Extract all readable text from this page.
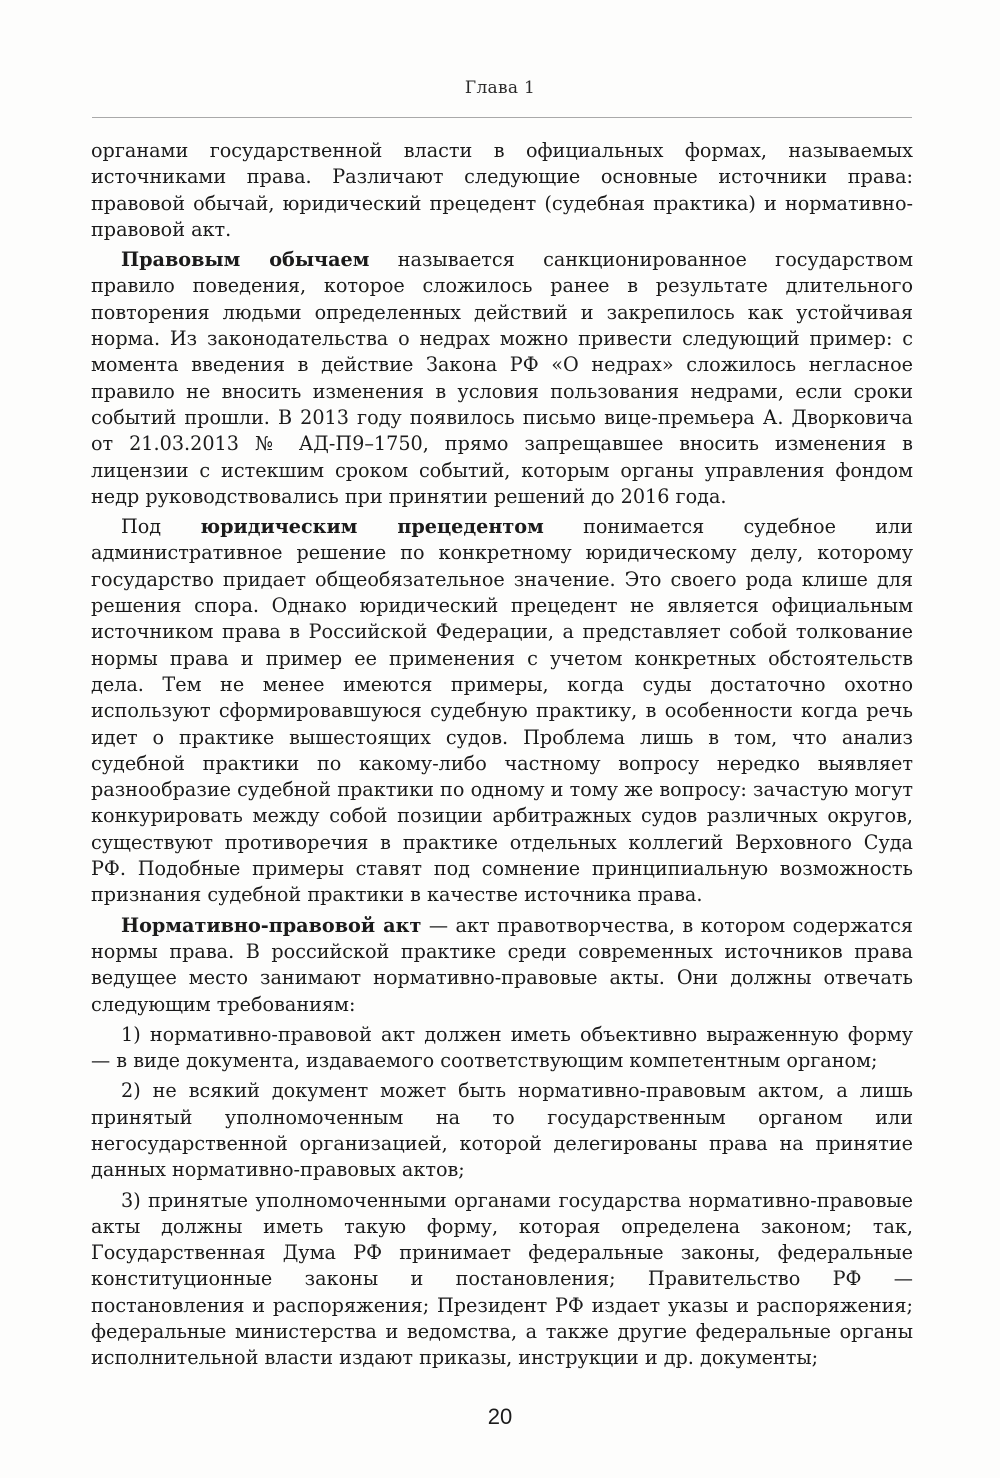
Глава 1

органами государственной власти в официальных формах, называемых источниками права. Различают следующие основные источники права: правовой обычай, юридический прецедент (судебная практика) и нормативно-правовой акт.

Правовым обычаем называется санкционированное государством правило поведения, которое сложилось ранее в результате длительного повторения людьми определенных действий и закрепилось как устойчивая норма. Из законодательства о недрах можно привести следующий пример: с момента введения в действие Закона РФ «О недрах» сложилось негласное правило не вносить изменения в условия пользования недрами, если сроки событий прошли. В 2013 году появилось письмо вице-премьера А. Дворковича от 21.03.2013 № АД-П9–1750, прямо запрещавшее вносить изменения в лицензии с истекшим сроком событий, которым органы управления фондом недр руководствовались при принятии решений до 2016 года.

Под юридическим прецедентом понимается судебное или административное решение по конкретному юридическому делу, которому государство придает общеобязательное значение. Это своего рода клише для решения спора. Однако юридический прецедент не является официальным источником права в Российской Федерации, а представляет собой толкование нормы права и пример ее применения с учетом конкретных обстоятельств дела. Тем не менее имеются примеры, когда суды достаточно охотно используют сформировавшуюся судебную практику, в особенности когда речь идет о практике вышестоящих судов. Проблема лишь в том, что анализ судебной практики по какому-либо частному вопросу нередко выявляет разнообразие судебной практики по одному и тому же вопросу: зачастую могут конкурировать между собой позиции арбитражных судов различных округов, существуют противоречия в практике отдельных коллегий Верховного Суда РФ. Подобные примеры ставят под сомнение принципиальную возможность признания судебной практики в качестве источника права.

Нормативно-правовой акт — акт правотворчества, в котором содержатся нормы права. В российской практике среди современных источников права ведущее место занимают нормативно-правовые акты. Они должны отвечать следующим требованиям:

1) нормативно-правовой акт должен иметь объективно выраженную форму — в виде документа, издаваемого соответствующим компетентным органом;

2) не всякий документ может быть нормативно-правовым актом, а лишь принятый уполномоченным на то государственным органом или негосударственной организацией, которой делегированы права на принятие данных нормативно-правовых актов;

3) принятые уполномоченными органами государства нормативно-правовые акты должны иметь такую форму, которая определена законом; так, Государственная Дума РФ принимает федеральные законы, федеральные конституционные законы и постановления; Правительство РФ — постановления и распоряжения; Президент РФ издает указы и распоряжения; федеральные министерства и ведомства, а также другие федеральные органы исполнительной власти издают приказы, инструкции и др. документы;

20
